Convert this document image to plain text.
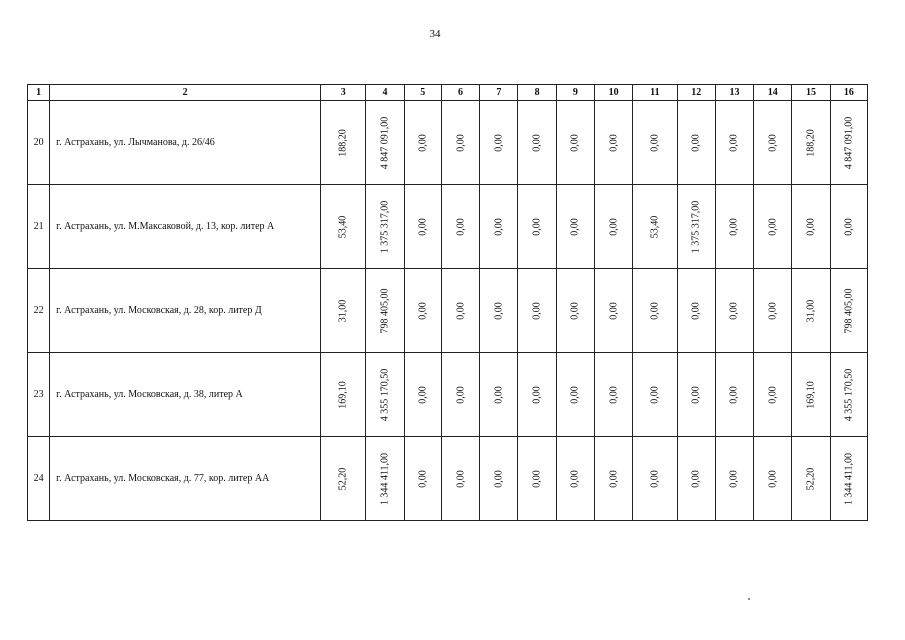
34
1	2	3	4	5	6	7	8	9	10	11	12	13	14	15	16
20	г. Астрахань, ул. Лычманова, д. 26/46	188,20	4 847 091,00	0,00	0,00	0,00	0,00	0,00	0,00	0,00	0,00	0,00	0,00	188,20	4 847 091,00

21	г. Астрахань, ул. М.Максаковой, д. 13, кор. литер А	53,40	1 375 317,00	0,00	0,00	0,00	0,00	0,00	0,00	53,40	1 375 317,00	0,00	0,00	0,00	0,00

22	г. Астрахань, ул. Московская, д. 28, кор. литер Д	31,00	798 405,00	0,00	0,00	0,00	0,00	0,00	0,00	0,00	0,00	0,00	0,00	31,00	798 405,00

23	г. Астрахань, ул. Московская, д. 38, литер А	169,10	4 355 170,50	0,00	0,00	0,00	0,00	0,00	0,00	0,00	0,00	0,00	0,00	169,10	4 355 170,50

24	г. Астрахань, ул. Московская, д. 77, кор. литер АА	52,20	1 344 411,00	0,00	0,00	0,00	0,00	0,00	0,00	0,00	0,00	0,00	0,00	52,20	1 344 411,00
